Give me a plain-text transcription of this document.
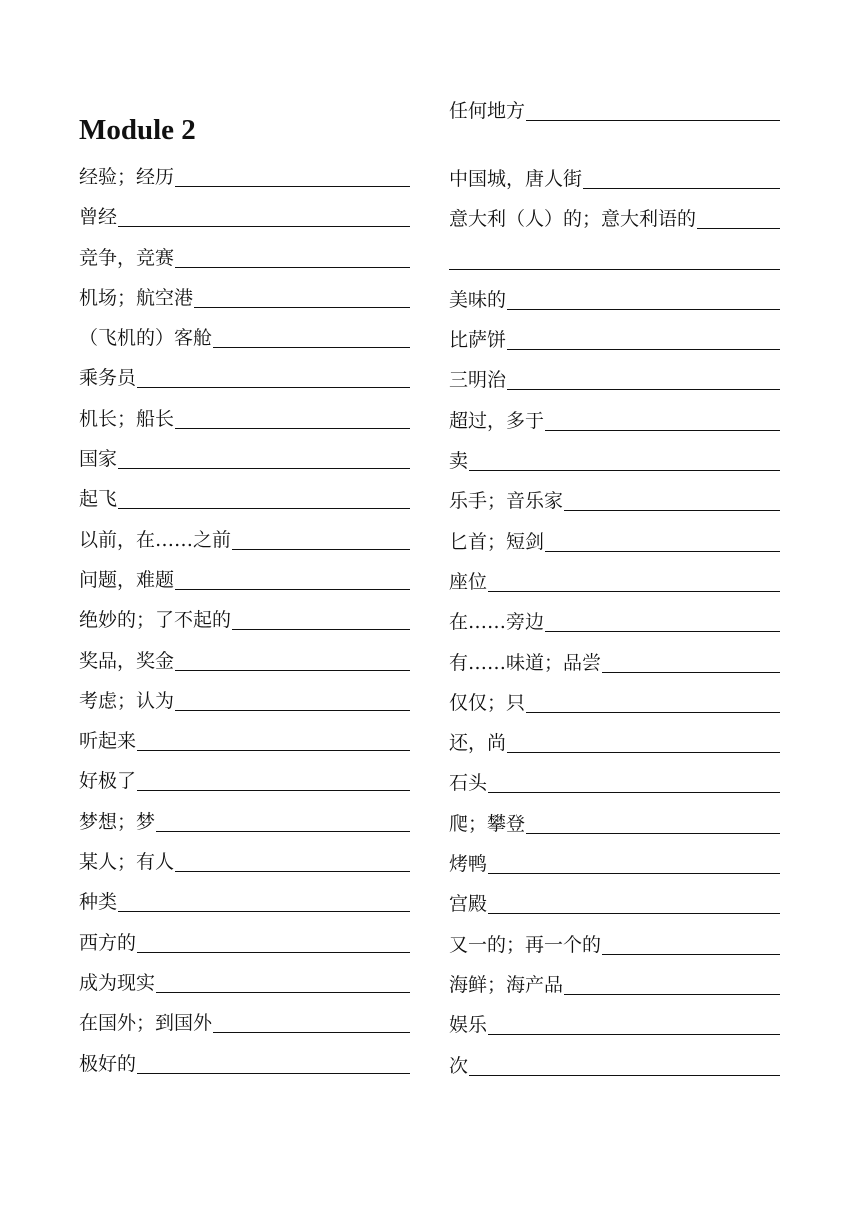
Module 2
经验；经历
曾经
竞争，竞赛
机场；航空港
（飞机的）客舱
乘务员
机长；船长
国家
起飞
以前，在……之前
问题，难题
绝妙的；了不起的
奖品，奖金
考虑；认为
听起来
好极了
梦想；梦
某人；有人
种类
西方的
成为现实
在国外；到国外
极好的
任何地方
中国城，唐人街
意大利（人）的；意大利语的
美味的
比萨饼
三明治
超过，多于
卖
乐手；音乐家
匕首；短剑
座位
在……旁边
有……味道；品尝
仅仅；只
还，尚
石头
爬；攀登
烤鸭
宫殿
又一的；再一个的
海鲜；海产品
娱乐
次
